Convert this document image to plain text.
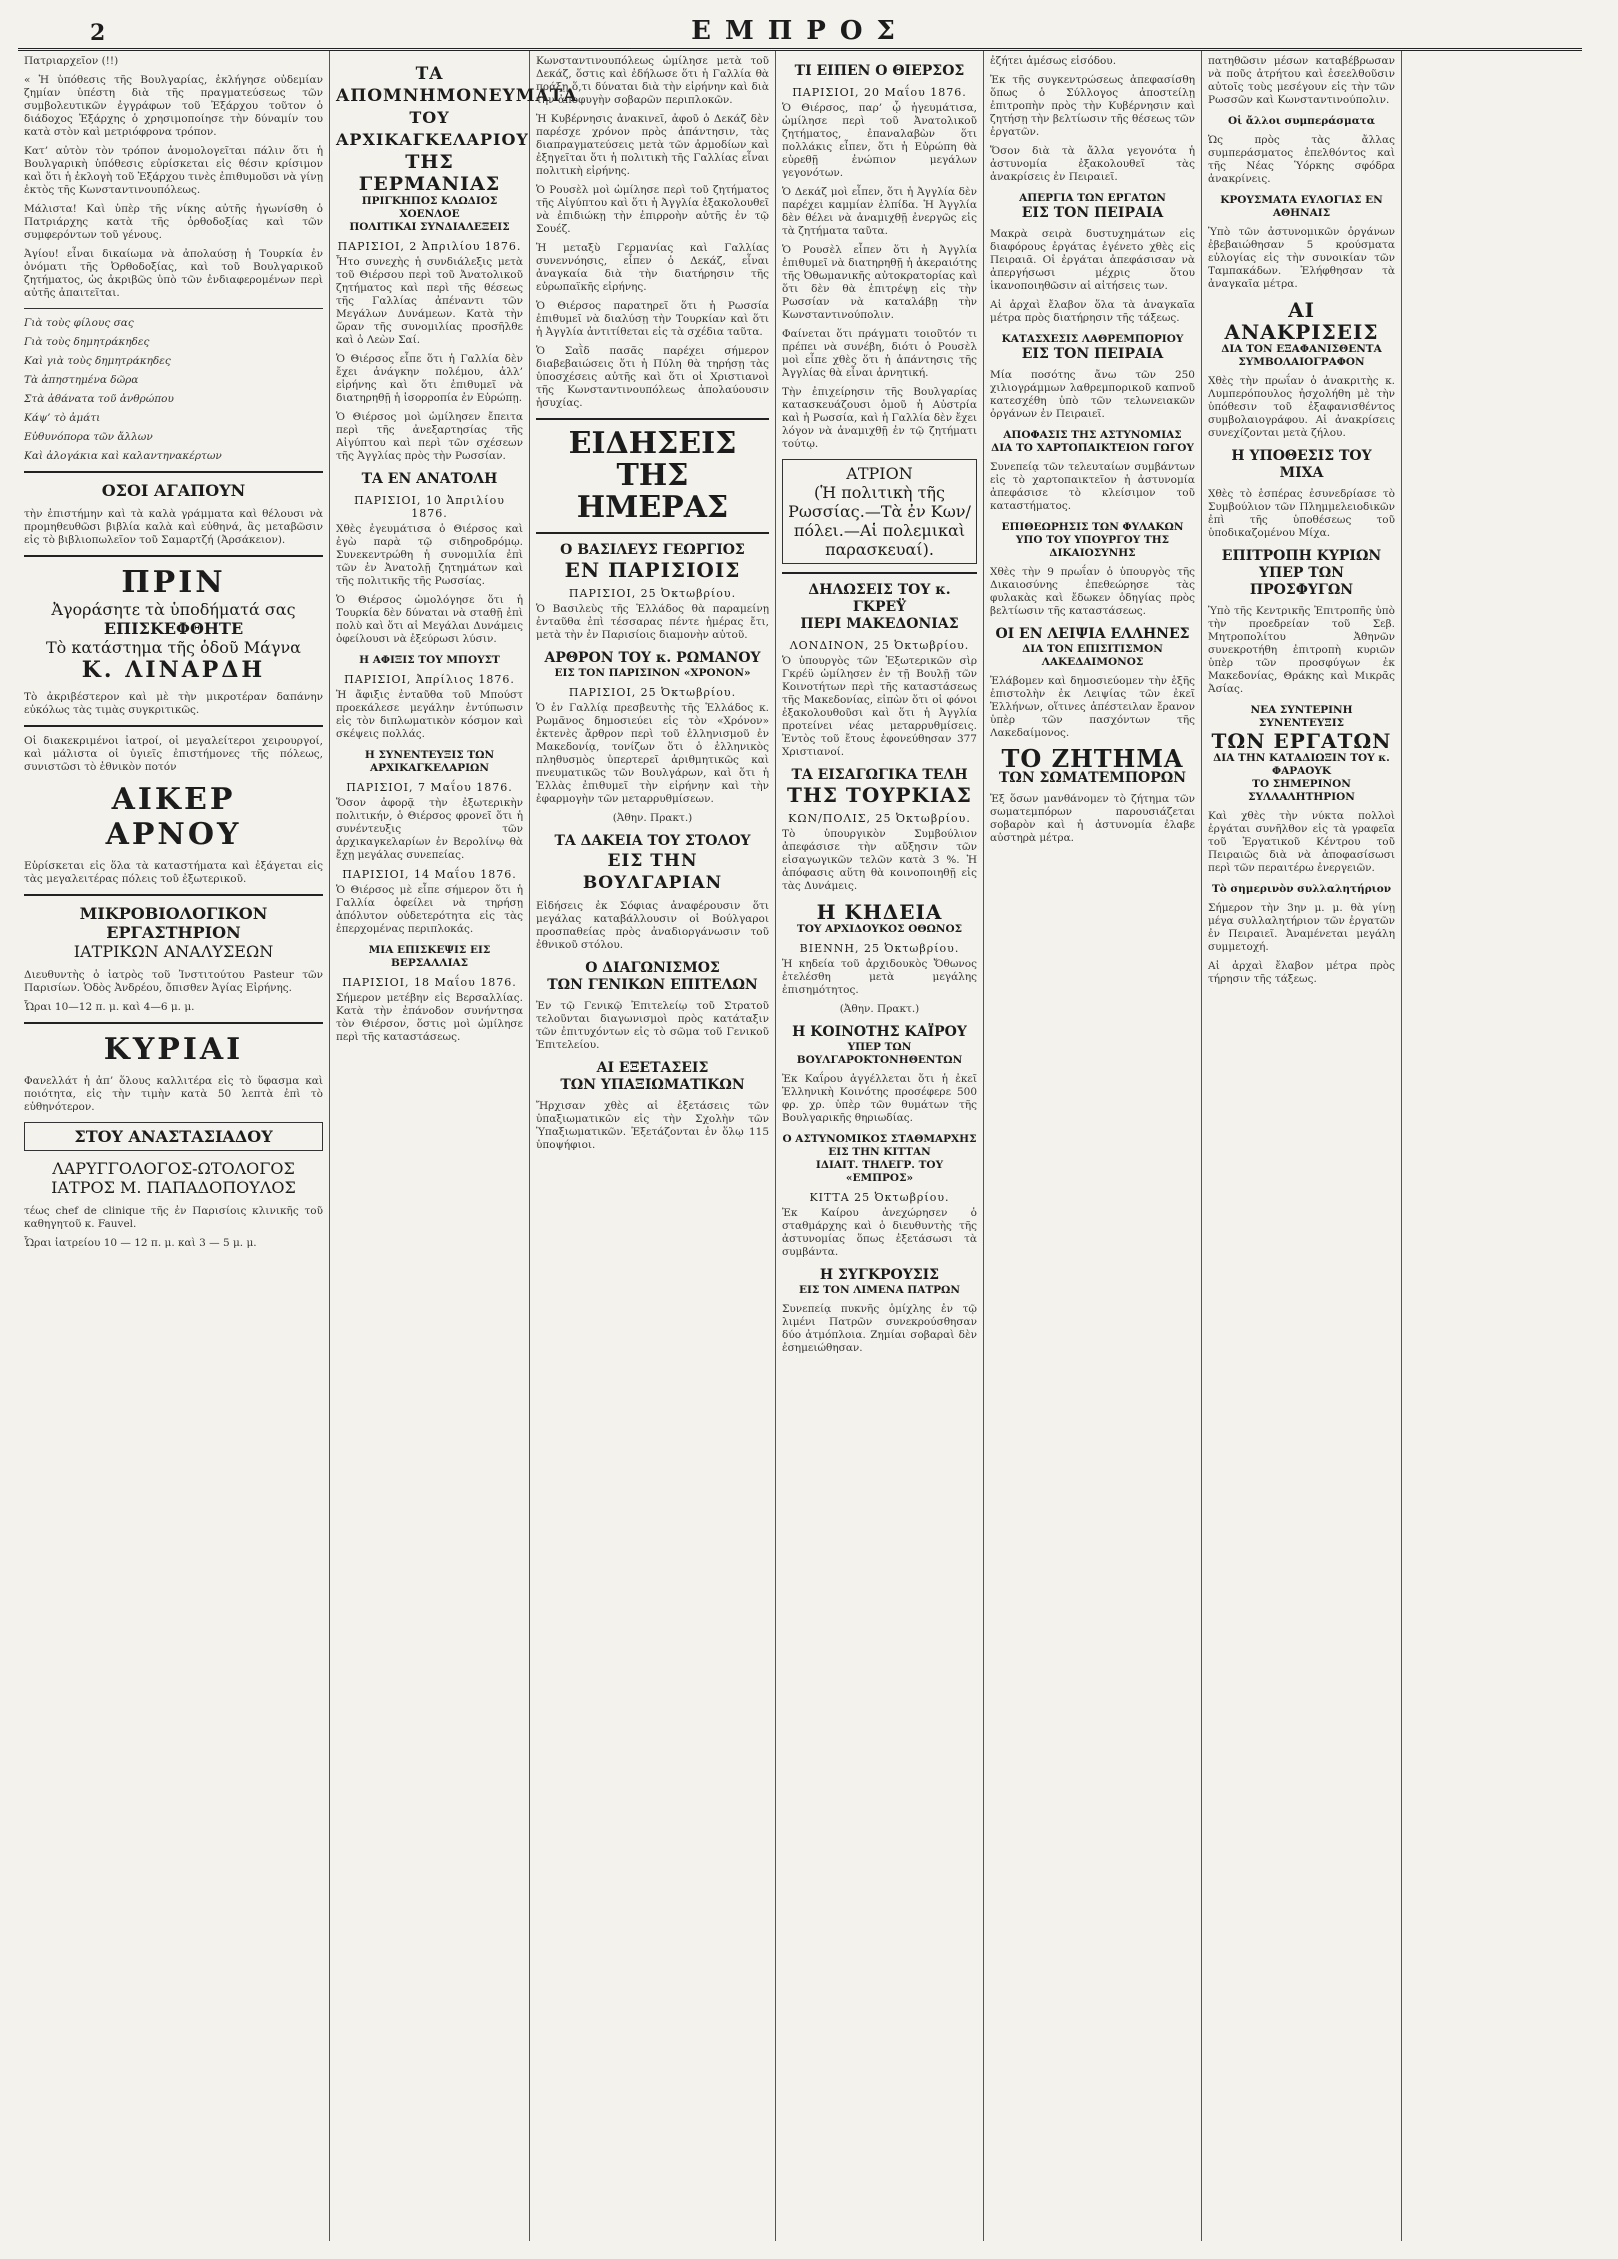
2	ΕΜΠΡΟΣ

Πατριαρχεῖον (!!)

« Ἡ ὑπόθεσις τῆς Βουλγαρίας, ἐκλήγησε οὐδεμίαν ζημίαν ὑπέστη διὰ τῆς πραγματεύσεως τῶν συμβολευτικῶν ἐγγράφων τοῦ Ἐξάρχου τοῦτον ὁ διάδοχος Ἐξάρχης ὁ χρησιμοποίησε τὴν δύναμίν του κατὰ στὸν καὶ μετριόφρονα τρόπον.

Κατ’ αὐτὸν τὸν τρόπον ἀνομολογεῖται πάλιν ὅτι ἡ Βουλγαρικὴ ὑπόθεσις εὑρίσκεται εἰς θέσιν κρίσιμον καὶ ὅτι ἡ ἐκλογὴ τοῦ Ἐξάρχου τινὲς ἐπιθυμοῦσι νὰ γίνῃ ἐκτὸς τῆς Κωνσταντινουπόλεως.

Μάλιστα! Καὶ ὑπὲρ τῆς νίκης αὐτῆς ἠγωνίσθη ὁ Πατριάρχης κατὰ τῆς ὀρθοδοξίας καὶ τῶν συμφερόντων τοῦ γένους.

Ἀγίου! εἶναι δικαίωμα νὰ ἀπολαύσῃ ἡ Τουρκία ἐν ὀνόματι τῆς Ὀρθοδοξίας, καὶ τοῦ Βουλγαρικοῦ ζητήματος, ὡς ἀκριβῶς ὑπὸ τῶν ἐνδιαφερομένων περὶ αὐτῆς ἀπαιτεῖται.

Γιὰ τοὺς φίλους σας

Γιὰ τοὺς δημητράκηδες

Καὶ γιὰ τοὺς δημητράκηδες

Τὰ ἀπηστημένα δῶρα

Στὰ ἀθάνατα τοῦ ἀνθρώπου

Κάψ’ τὸ ἀμάτι

Εὐθυνόπορα τῶν ἄλλων

Καὶ ἀλογάκια καὶ καλαντηνακέρτων

ΟΣΟΙ ΑΓΑΠΟΥΝ

τὴν ἐπιστήμην καὶ τὰ καλὰ γράμματα καὶ θέλουσι νὰ προμηθευθῶσι βιβλία καλὰ καὶ εὐθηνά, ἂς μεταβῶσιν εἰς τὸ βιβλιοπωλεῖον τοῦ Σαμαρτζή (Ἀρσάκειον).

ΠΡΙΝ
Ἀγοράσητε τὰ ὑποδήματά σας
ΕΠΙΣΚΕΦΘΗΤΕ
Τὸ κατάστημα τῆς ὁδοῦ Μάγνα
Κ. ΛΙΝΑΡΔΗ

Τὸ ἀκριβέστερον καὶ μὲ τὴν μικροτέραν δαπάνην εὐκόλως τὰς τιμὰς συγκριτικῶς.

Οἱ διακεκριμένοι ἰατροί, οἱ μεγαλείτεροι χειρουργοί, καὶ μάλιστα οἱ ὑγιεῖς ἐπιστήμονες τῆς πόλεως, συνιστῶσι τὸ ἐθνικὸν ποτόν

ΑΙΚΕΡ
ΑΡΝΟΥ

Εὑρίσκεται εἰς ὅλα τὰ καταστήματα καὶ ἐξάγεται εἰς τὰς μεγαλειτέρας πόλεις τοῦ ἐξωτερικοῦ.

ΜΙΚΡΟΒΙΟΛΟΓΙΚΟΝ
ΕΡΓΑΣΤΗΡΙΟΝ
ΙΑΤΡΙΚΩΝ ΑΝΑΛΥΣΕΩΝ

Διευθυντὴς ὁ ἰατρὸς τοῦ Ἰνστιτούτου Pasteur τῶν Παρισίων. Ὁδὸς Ἀνδρέου, ὄπισθεν Ἀγίας Εἰρήνης.

Ὧραι 10—12 π. μ. καὶ 4—6 μ. μ.

ΚΥΡΙΑΙ

Φανελλάτ ἡ ἀπ’ ὅλους καλλιτέρα εἰς τὸ ὕφασμα καὶ ποιότητα, εἰς τὴν τιμὴν κατὰ 50 λεπτὰ ἐπὶ τὸ εὐθηνότερον.

ΣΤΟΥ ΑΝΑΣΤΑΣΙΑΔΟΥ
ΛΑΡΥΓΓΟΛΟΓΟΣ-ΩΤΟΛΟΓΟΣ ΙΑΤΡΟΣ Μ. ΠΑΠΑΔΟΠΟΥΛΟΣ

τέως chef de clinique τῆς ἐν Παρισίοις κλινικῆς τοῦ καθηγητοῦ κ. Fauvel.

Ὧραι ἰατρείου 10 — 12 π. μ. καὶ 3 — 5 μ. μ.

ΤΑ ΑΠΟΜΝΗΜΟΝΕΥΜΑΤΑ
ΤΟΥ ΑΡΧΙΚΑΓΚΕΛΑΡΙΟΥ
ΤΗΣ ΓΕΡΜΑΝΙΑΣ
ΠΡΙΓΚΗΠΟΣ ΚΛΩΔΙΟΣ ΧΟΕΝΛΟΕ
ΠΟΛΙΤΙΚΑΙ ΣΥΝΔΙΑΛΕΞΕΙΣ
ΠΑΡΙΣΙΟΙ, 2 Ἀπριλίου 1876.

Ἦτο συνεχὴς ἡ συνδιάλεξις μετὰ τοῦ Θιέρσου περὶ τοῦ Ἀνατολικοῦ ζητήματος καὶ περὶ τῆς θέσεως τῆς Γαλλίας ἀπέναντι τῶν Μεγάλων Δυνάμεων. Κατὰ τὴν ὥραν τῆς συνομιλίας προσῆλθε καὶ ὁ Λεὼν Σαί.

Ὁ Θιέρσος εἶπε ὅτι ἡ Γαλλία δὲν ἔχει ἀνάγκην πολέμου, ἀλλ’ εἰρήνης καὶ ὅτι ἐπιθυμεῖ νὰ διατηρηθῇ ἡ ἰσορροπία ἐν Εὐρώπῃ.

Ὁ Θιέρσος μοὶ ὡμίλησεν ἔπειτα περὶ τῆς ἀνεξαρτησίας τῆς Αἰγύπτου καὶ περὶ τῶν σχέσεων τῆς Ἀγγλίας πρὸς τὴν Ρωσσίαν.

ΤΑ ΕΝ ΑΝΑΤΟΛΗ
ΠΑΡΙΣΙΟΙ, 10 Ἀπριλίου 1876.

Χθὲς ἐγευμάτισα ὁ Θιέρσος καὶ ἐγὼ παρὰ τῷ σιδηροδρόμῳ. Συνεκεντρώθη ἡ συνομιλία ἐπὶ τῶν ἐν Ἀνατολῇ ζητημάτων καὶ τῆς πολιτικῆς τῆς Ρωσσίας.

Ὁ Θιέρσος ὡμολόγησε ὅτι ἡ Τουρκία δὲν δύναται νὰ σταθῇ ἐπὶ πολὺ καὶ ὅτι αἱ Μεγάλαι Δυνάμεις ὀφείλουσι νὰ ἐξεύρωσι λύσιν.

Η ΑΦΙΞΙΣ ΤΟΥ ΜΠΟΥΣΤ
ΠΑΡΙΣΙΟΙ, Ἀπρίλιος 1876.

Ἡ ἄφιξις ἐνταῦθα τοῦ Μπούστ προεκάλεσε μεγάλην ἐντύπωσιν εἰς τὸν διπλωματικὸν κόσμον καὶ σκέψεις πολλάς.

Η ΣΥΝΕΝΤΕΥΞΙΣ ΤΩΝ ΑΡΧΙΚΑΓΚΕΛΑΡΙΩΝ
ΠΑΡΙΣΙΟΙ, 7 Μαΐου 1876.

Ὅσον ἀφορᾷ τὴν ἐξωτερικὴν πολιτικήν, ὁ Θιέρσος φρονεῖ ὅτι ἡ συνέντευξις τῶν ἀρχικαγκελαρίων ἐν Βερολίνῳ θὰ ἔχῃ μεγάλας συνεπείας.

ΠΑΡΙΣΙΟΙ, 14 Μαΐου 1876.

Ὁ Θιέρσος μὲ εἶπε σήμερον ὅτι ἡ Γαλλία ὀφείλει νὰ τηρήσῃ ἀπόλυτον οὐδετερότητα εἰς τὰς ἐπερχομένας περιπλοκάς.

ΜΙΑ ΕΠΙΣΚΕΨΙΣ ΕΙΣ ΒΕΡΣΑΛΛΙΑΣ
ΠΑΡΙΣΙΟΙ, 18 Μαΐου 1876.

Σήμερον μετέβην εἰς Βερσαλλίας. Κατὰ τὴν ἐπάνοδον συνήντησα τὸν Θιέρσον, ὅστις μοὶ ὡμίλησε περὶ τῆς καταστάσεως.

Κωνσταντινουπόλεως ὡμίλησε μετὰ τοῦ Δεκάζ, ὅστις καὶ ἐδήλωσε ὅτι ἡ Γαλλία θὰ πράξῃ ὅ,τι δύναται διὰ τὴν εἰρήνην καὶ διὰ τὴν ἀποφυγὴν σοβαρῶν περιπλοκῶν.

Ἡ Κυβέρνησις ἀνακινεῖ, ἀφοῦ ὁ Δεκάζ δὲν παρέσχε χρόνον πρὸς ἀπάντησιν, τὰς διαπραγματεύσεις μετὰ τῶν ἀρμοδίων καὶ ἐξηγεῖται ὅτι ἡ πολιτικὴ τῆς Γαλλίας εἶναι πολιτικὴ εἰρήνης.

Ὁ Ρουσὲλ μοὶ ὡμίλησε περὶ τοῦ ζητήματος τῆς Αἰγύπτου καὶ ὅτι ἡ Ἀγγλία ἐξακολουθεῖ νὰ ἐπιδιώκῃ τὴν ἐπιρροὴν αὐτῆς ἐν τῷ Σουέζ.

Ἡ μεταξὺ Γερμανίας καὶ Γαλλίας συνεννόησις, εἶπεν ὁ Δεκάζ, εἶναι ἀναγκαία διὰ τὴν διατήρησιν τῆς εὐρωπαϊκῆς εἰρήνης.

Ὁ Θιέρσος παρατηρεῖ ὅτι ἡ Ρωσσία ἐπιθυμεῖ νὰ διαλύσῃ τὴν Τουρκίαν καὶ ὅτι ἡ Ἀγγλία ἀντιτίθεται εἰς τὰ σχέδια ταῦτα.

Ὁ Σαῒδ πασᾶς παρέχει σήμερον διαβεβαιώσεις ὅτι ἡ Πύλη θὰ τηρήσῃ τὰς ὑποσχέσεις αὐτῆς καὶ ὅτι οἱ Χριστιανοὶ τῆς Κωνσταντινουπόλεως ἀπολαύουσιν ἡσυχίας.

ΕΙΔΗΣΕΙΣ ΤΗΣ ΗΜΕΡΑΣ
Ο ΒΑΣΙΛΕΥΣ ΓΕΩΡΓΙΟΣ
ΕΝ ΠΑΡΙΣΙΟΙΣ
ΠΑΡΙΣΙΟΙ, 25 Ὀκτωβρίου.

Ὁ Βασιλεὺς τῆς Ἑλλάδος θὰ παραμείνῃ ἐνταῦθα ἐπὶ τέσσαρας πέντε ἡμέρας ἔτι, μετὰ τὴν ἐν Παρισίοις διαμονὴν αὐτοῦ.

ΑΡΘΡΟΝ ΤΟΥ κ. ΡΩΜΑΝΟΥ
ΕΙΣ ΤΟΝ ΠΑΡΙΣΙΝΟΝ «ΧΡΟΝΟΝ»
ΠΑΡΙΣΙΟΙ, 25 Ὀκτωβρίου.

Ὁ ἐν Γαλλίᾳ πρεσβευτὴς τῆς Ἑλλάδος κ. Ρωμᾶνος δημοσιεύει εἰς τὸν «Χρόνον» ἐκτενὲς ἄρθρον περὶ τοῦ ἑλληνισμοῦ ἐν Μακεδονίᾳ, τονίζων ὅτι ὁ ἑλληνικὸς πληθυσμὸς ὑπερτερεῖ ἀριθμητικῶς καὶ πνευματικῶς τῶν Βουλγάρων, καὶ ὅτι ἡ Ἑλλὰς ἐπιθυμεῖ τὴν εἰρήνην καὶ τὴν ἐφαρμογὴν τῶν μεταρρυθμίσεων.

(Ἀθην. Πρακτ.)

ΤΑ ΔΑΚΕΙΑ ΤΟΥ ΣΤΟΛΟΥ
ΕΙΣ ΤΗΝ ΒΟΥΛΓΑΡΙΑΝ

Εἰδήσεις ἐκ Σόφιας ἀναφέρουσιν ὅτι μεγάλας καταβάλλουσιν οἱ Βούλγαροι προσπαθείας πρὸς ἀναδιοργάνωσιν τοῦ ἐθνικοῦ στόλου.

Ο ΔΙΑΓΩΝΙΣΜΟΣ
ΤΩΝ ΓΕΝΙΚΩΝ ΕΠΙΤΕΛΩΝ

Ἐν τῷ Γενικῷ Ἐπιτελείῳ τοῦ Στρατοῦ τελοῦνται διαγωνισμοὶ πρὸς κατάταξιν τῶν ἐπιτυχόντων εἰς τὸ σῶμα τοῦ Γενικοῦ Ἐπιτελείου.

ΑΙ ΕΞΕΤΑΣΕΙΣ
ΤΩΝ ΥΠΑΞΙΩΜΑΤΙΚΩΝ

Ἤρχισαν χθὲς αἱ ἐξετάσεις τῶν ὑπαξιωματικῶν εἰς τὴν Σχολὴν τῶν Ὑπαξιωματικῶν. Ἐξετάζονται ἐν ὅλῳ 115 ὑποψήφιοι.

ΤΙ ΕΙΠΕΝ Ο ΘΙΕΡΣΟΣ
ΠΑΡΙΣΙΟΙ, 20 Μαΐου 1876.

Ὁ Θιέρσος, παρ’ ᾧ ἠγευμάτισα, ὡμίλησε περὶ τοῦ Ἀνατολικοῦ ζητήματος, ἐπαναλαβὼν ὅτι πολλάκις εἶπεν, ὅτι ἡ Εὐρώπη θὰ εὑρεθῇ ἐνώπιον μεγάλων γεγονότων.

Ὁ Δεκάζ μοὶ εἶπεν, ὅτι ἡ Ἀγγλία δὲν παρέχει καμμίαν ἐλπίδα. Ἡ Ἀγγλία δὲν θέλει νὰ ἀναμιχθῇ ἐνεργῶς εἰς τὰ ζητήματα ταῦτα.

Ὁ Ρουσὲλ εἶπεν ὅτι ἡ Ἀγγλία ἐπιθυμεῖ νὰ διατηρηθῇ ἡ ἀκεραιότης τῆς Ὀθωμανικῆς αὐτοκρατορίας καὶ ὅτι δὲν θὰ ἐπιτρέψῃ εἰς τὴν Ρωσσίαν νὰ καταλάβῃ τὴν Κωνσταντινούπολιν.

Φαίνεται ὅτι πράγματι τοιοῦτόν τι πρέπει νὰ συνέβη, διότι ὁ Ρουσὲλ μοὶ εἶπε χθὲς ὅτι ἡ ἀπάντησις τῆς Ἀγγλίας θὰ εἶναι ἀρνητική.

Τὴν ἐπιχείρησιν τῆς Βουλγαρίας κατασκευάζουσι ὁμοῦ ἡ Αὐστρία καὶ ἡ Ρωσσία, καὶ ἡ Γαλλία δὲν ἔχει λόγον νὰ ἀναμιχθῇ ἐν τῷ ζητήματι τούτῳ.

ΑΤΡΙΟΝ
(Ἡ πολιτικὴ τῆς Ρωσσίας.—Τὰ ἐν Κων/πόλει.—Αἱ πολεμικαὶ παρασκευαί).
ΔΗΛΩΣΕΙΣ ΤΟΥ κ. ΓΚΡΕΫ
ΠΕΡΙ ΜΑΚΕΔΟΝΙΑΣ
ΛΟΝΔΙΝΟΝ, 25 Ὀκτωβρίου.

Ὁ ὑπουργὸς τῶν Ἐξωτερικῶν σὶρ Γκρέϋ ὡμίλησεν ἐν τῇ Βουλῇ τῶν Κοινοτήτων περὶ τῆς καταστάσεως τῆς Μακεδονίας, εἰπὼν ὅτι οἱ φόνοι ἐξακολουθοῦσι καὶ ὅτι ἡ Ἀγγλία προτείνει νέας μεταρρυθμίσεις. Ἐντὸς τοῦ ἔτους ἐφονεύθησαν 377 Χριστιανοί.

ΤΑ ΕΙΣΑΓΩΓΙΚΑ ΤΕΛΗ
ΤΗΣ ΤΟΥΡΚΙΑΣ
ΚΩΝ/ΠΟΛΙΣ, 25 Ὀκτωβρίου.

Τὸ ὑπουργικὸν Συμβούλιον ἀπεφάσισε τὴν αὔξησιν τῶν εἰσαγωγικῶν τελῶν κατὰ 3 %. Ἡ ἀπόφασις αὕτη θὰ κοινοποιηθῇ εἰς τὰς Δυνάμεις.

Η ΚΗΔΕΙΑ
ΤΟΥ ΑΡΧΙΔΟΥΚΟΣ ΟΘΩΝΟΣ
ΒΙΕΝΝΗ, 25 Ὀκτωβρίου.

Ἡ κηδεία τοῦ ἀρχιδουκὸς Ὄθωνος ἐτελέσθη μετὰ μεγάλης ἐπισημότητος.

(Ἀθην. Πρακτ.)

Η ΚΟΙΝΟΤΗΣ ΚΑΪΡΟΥ
ΥΠΕΡ ΤΩΝ ΒΟΥΛΓΑΡΟΚΤΟΝΗΘΕΝΤΩΝ

Ἐκ Καΐρου ἀγγέλλεται ὅτι ἡ ἐκεῖ Ἑλληνικὴ Κοινότης προσέφερε 500 φρ. χρ. ὑπὲρ τῶν θυμάτων τῆς Βουλγαρικῆς θηριωδίας.

Ο ΑΣΤΥΝΟΜΙΚΟΣ ΣΤΑΘΜΑΡΧΗΣ
ΕΙΣ ΤΗΝ ΚΙΤΤΑΝ
ΙΔΙΑΙΤ. ΤΗΛΕΓΡ. ΤΟΥ «ΕΜΠΡΟΣ»
ΚΙΤΤΑ 25 Ὀκτωβρίου.

Ἐκ Καίρου ἀνεχώρησεν ὁ σταθμάρχης καὶ ὁ διευθυντὴς τῆς ἀστυνομίας ὅπως ἐξετάσωσι τὰ συμβάντα.

Η ΣΥΓΚΡΟΥΣΙΣ
ΕΙΣ ΤΟΝ ΛΙΜΕΝΑ ΠΑΤΡΩΝ

Συνεπείᾳ πυκνῆς ὁμίχλης ἐν τῷ λιμένι Πατρῶν συνεκρούσθησαν δύο ἀτμόπλοια. Ζημίαι σοβαραὶ δὲν ἐσημειώθησαν.

ἐζήτει ἀμέσως εἰσόδου.

Ἐκ τῆς συγκεντρώσεως ἀπεφασίσθη ὅπως ὁ Σύλλογος ἀποστείλῃ ἐπιτροπὴν πρὸς τὴν Κυβέρνησιν καὶ ζητήσῃ τὴν βελτίωσιν τῆς θέσεως τῶν ἐργατῶν.

Ὅσον διὰ τὰ ἄλλα γεγονότα ἡ ἀστυνομία ἐξακολουθεῖ τὰς ἀνακρίσεις ἐν Πειραιεῖ.

ΑΠΕΡΓΙΑ ΤΩΝ ΕΡΓΑΤΩΝ
ΕΙΣ ΤΟΝ ΠΕΙΡΑΙΑ

Μακρὰ σειρὰ δυστυχημάτων εἰς διαφόρους ἐργάτας ἐγένετο χθὲς εἰς Πειραιᾶ. Οἱ ἐργάται ἀπεφάσισαν νὰ ἀπεργήσωσι μέχρις ὅτου ἱκανοποιηθῶσιν αἱ αἰτήσεις των.

Αἱ ἀρχαὶ ἔλαβον ὅλα τὰ ἀναγκαῖα μέτρα πρὸς διατήρησιν τῆς τάξεως.

ΚΑΤΑΣΧΕΣΙΣ ΛΑΘΡΕΜΠΟΡΙΟΥ
ΕΙΣ ΤΟΝ ΠΕΙΡΑΙΑ

Μία ποσότης ἄνω τῶν 250 χιλιογράμμων λαθρεμπορικοῦ καπνοῦ κατεσχέθη ὑπὸ τῶν τελωνειακῶν ὀργάνων ἐν Πειραιεῖ.

ΑΠΟΦΑΣΙΣ ΤΗΣ ΑΣΤΥΝΟΜΙΑΣ
ΔΙΑ ΤΟ ΧΑΡΤΟΠΑΙΚΤΕΙΟΝ ΓΩΓΟΥ

Συνεπείᾳ τῶν τελευταίων συμβάντων εἰς τὸ χαρτοπαικτεῖον ἡ ἀστυνομία ἀπεφάσισε τὸ κλείσιμον τοῦ καταστήματος.

ΕΠΙΘΕΩΡΗΣΙΣ ΤΩΝ ΦΥΛΑΚΩΝ
ΥΠΟ ΤΟΥ ΥΠΟΥΡΓΟΥ ΤΗΣ ΔΙΚΑΙΟΣΥΝΗΣ

Χθὲς τὴν 9 πρωΐαν ὁ ὑπουργὸς τῆς Δικαιοσύνης ἐπεθεώρησε τὰς φυλακὰς καὶ ἔδωκεν ὁδηγίας πρὸς βελτίωσιν τῆς καταστάσεως.

ΟΙ ΕΝ ΛΕΙΨΙΑ ΕΛΛΗΝΕΣ
ΔΙΑ ΤΟΝ ΕΠΙΣΙΤΙΣΜΟΝ ΛΑΚΕΔΑΙΜΟΝΟΣ

Ἐλάβομεν καὶ δημοσιεύομεν τὴν ἑξῆς ἐπιστολὴν ἐκ Λειψίας τῶν ἐκεῖ Ἑλλήνων, οἵτινες ἀπέστειλαν ἔρανον ὑπὲρ τῶν πασχόντων τῆς Λακεδαίμονος.

ΤΟ ΖΗΤΗΜΑ
ΤΩΝ ΣΩΜΑΤΕΜΠΟΡΩΝ

Ἐξ ὅσων μανθάνομεν τὸ ζήτημα τῶν σωματεμπόρων παρουσιάζεται σοβαρὸν καὶ ἡ ἀστυνομία ἐλαβε αὐστηρὰ μέτρα.

πατηθῶσιν μέσων καταβέβρωσαν νὰ ποῦς ἀτρήτου καὶ ἐσεελθοῦσιν αὐτοῖς τοὺς μεσέγουν εἰς τὴν τῶν Ρωσσῶν καὶ Κωνσταντινούπολιν.

Οἱ ἄλλοι συμπεράσματα

Ὡς πρὸς τὰς ἄλλας συμπεράσματος ἐπελθόντος καὶ τῆς Νέας Ὑόρκης σφόδρα ἀνακρίνεις.

ΚΡΟΥΣΜΑΤΑ ΕΥΛΟΓΙΑΣ ΕΝ ΑΘΗΝΑΙΣ

Ὑπὸ τῶν ἀστυνομικῶν ὀργάνων ἐβεβαιώθησαν 5 κρούσματα εὐλογίας εἰς τὴν συνοικίαν τῶν Ταμπακάδων. Ἐλήφθησαν τὰ ἀναγκαῖα μέτρα.

ΑΙ ΑΝΑΚΡΙΣΕΙΣ
ΔΙΑ ΤΟΝ ΕΞΑΦΑΝΙΣΘΕΝΤΑ ΣΥΜΒΟΛΑΙΟΓΡΑΦΟΝ

Χθὲς τὴν πρωΐαν ὁ ἀνακριτὴς κ. Λυμπερόπουλος ἠσχολήθη μὲ τὴν ὑπόθεσιν τοῦ ἐξαφανισθέντος συμβολαιογράφου. Αἱ ἀνακρίσεις συνεχίζονται μετὰ ζήλου.

Η ΥΠΟΘΕΣΙΣ ΤΟΥ ΜΙΧΑ

Χθὲς τὸ ἑσπέρας ἐσυνεδρίασε τὸ Συμβούλιον τῶν Πλημμελειοδικῶν ἐπὶ τῆς ὑποθέσεως τοῦ ὑποδικαζομένου Μίχα.

ΕΠΙΤΡΟΠΗ ΚΥΡΙΩΝ
ΥΠΕΡ ΤΩΝ ΠΡΟΣΦΥΓΩΝ

Ὑπὸ τῆς Κεντρικῆς Ἐπιτροπῆς ὑπὸ τὴν προεδρείαν τοῦ Σεβ. Μητροπολίτου Ἀθηνῶν συνεκροτήθη ἐπιτροπὴ κυριῶν ὑπὲρ τῶν προσφύγων ἐκ Μακεδονίας, Θράκης καὶ Μικρᾶς Ἀσίας.

ΝΕΑ ΣΥΝΤΕΡΙΝΗ ΣΥΝΕΝΤΕΥΞΙΣ
ΤΩΝ ΕΡΓΑΤΩΝ
ΔΙΑ ΤΗΝ ΚΑΤΑΔΙΩΞΙΝ ΤΟΥ κ. ΦΑΡΑΟΥΚ
ΤΟ ΣΗΜΕΡΙΝΟΝ ΣΥΛΛΑΛΗΤΗΡΙΟΝ

Καὶ χθὲς τὴν νύκτα πολλοὶ ἐργάται συνῆλθον εἰς τὰ γραφεῖα τοῦ Ἐργατικοῦ Κέντρου τοῦ Πειραιῶς διὰ νὰ ἀποφασίσωσι περὶ τῶν περαιτέρω ἐνεργειῶν.

Τὸ σημερινὸν συλλαλητήριον

Σήμερον τὴν 3ην μ. μ. θὰ γίνῃ μέγα συλλαλητήριον τῶν ἐργατῶν ἐν Πειραιεῖ. Ἀναμένεται μεγάλη συμμετοχή.

Αἱ ἀρχαὶ ἔλαβον μέτρα πρὸς τήρησιν τῆς τάξεως.
